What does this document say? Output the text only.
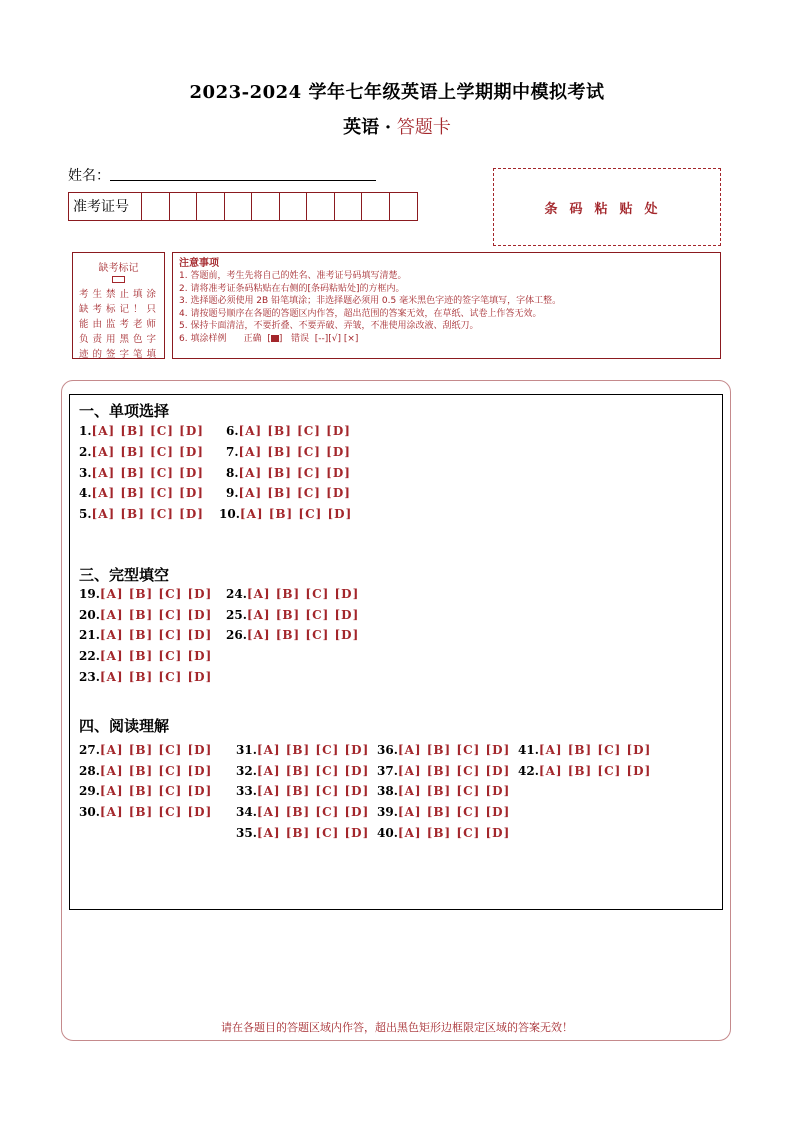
2023-2024 学年七年级英语上学期期中模拟考试
英语 · 答题卡
姓名：
准考证号	条码粘贴处
缺考标记
考生禁止填涂
缺考标记！只
能由监考老师
负责用黑色字
迹的签字笔填
注意事项
1. 答题前，考生先将自己的姓名、准考证号码填写清楚。
2. 请将准考证条码粘贴在右侧的[条码粘贴处]的方框内。
3. 选择题必须使用 2B 铅笔填涂；非选择题必须用 0.5 毫米黑色字迹的签字笔填写，字体工整。
4. 请按题号顺序在各题的答题区内作答，超出范围的答案无效，在草纸、试卷上作答无效。
5. 保持卡面清洁，不要折叠、不要弄破、弄皱，不准使用涂改液、刮纸刀。
6. 填涂样例 正确  [ ]   错误 [--][√] [×]
一、单项选择
1.[A] [B] [C] [D]
2.[A] [B] [C] [D]
3.[A] [B] [C] [D]
4.[A] [B] [C] [D]
5.[A] [B] [C] [D]
6.[A] [B] [C] [D]
7.[A] [B] [C] [D]
8.[A] [B] [C] [D]
9.[A] [B] [C] [D]
10.[A] [B] [C] [D]
三、完型填空
19.[A] [B] [C] [D]
20.[A] [B] [C] [D]
21.[A] [B] [C] [D]
22.[A] [B] [C] [D]
23.[A] [B] [C] [D]
24.[A] [B] [C] [D]
25.[A] [B] [C] [D]
26.[A] [B] [C] [D]
四、阅读理解
27.[A] [B] [C] [D]
28.[A] [B] [C] [D]
29.[A] [B] [C] [D]
30.[A] [B] [C] [D]
31.[A] [B] [C] [D]
32.[A] [B] [C] [D]
33.[A] [B] [C] [D]
34.[A] [B] [C] [D]
35.[A] [B] [C] [D]
36.[A] [B] [C] [D]
37.[A] [B] [C] [D]
38.[A] [B] [C] [D]
39.[A] [B] [C] [D]
40.[A] [B] [C] [D]
41.[A] [B] [C] [D]
42.[A] [B] [C] [D]
请在各题目的答题区域内作答，超出黑色矩形边框限定区域的答案无效！
